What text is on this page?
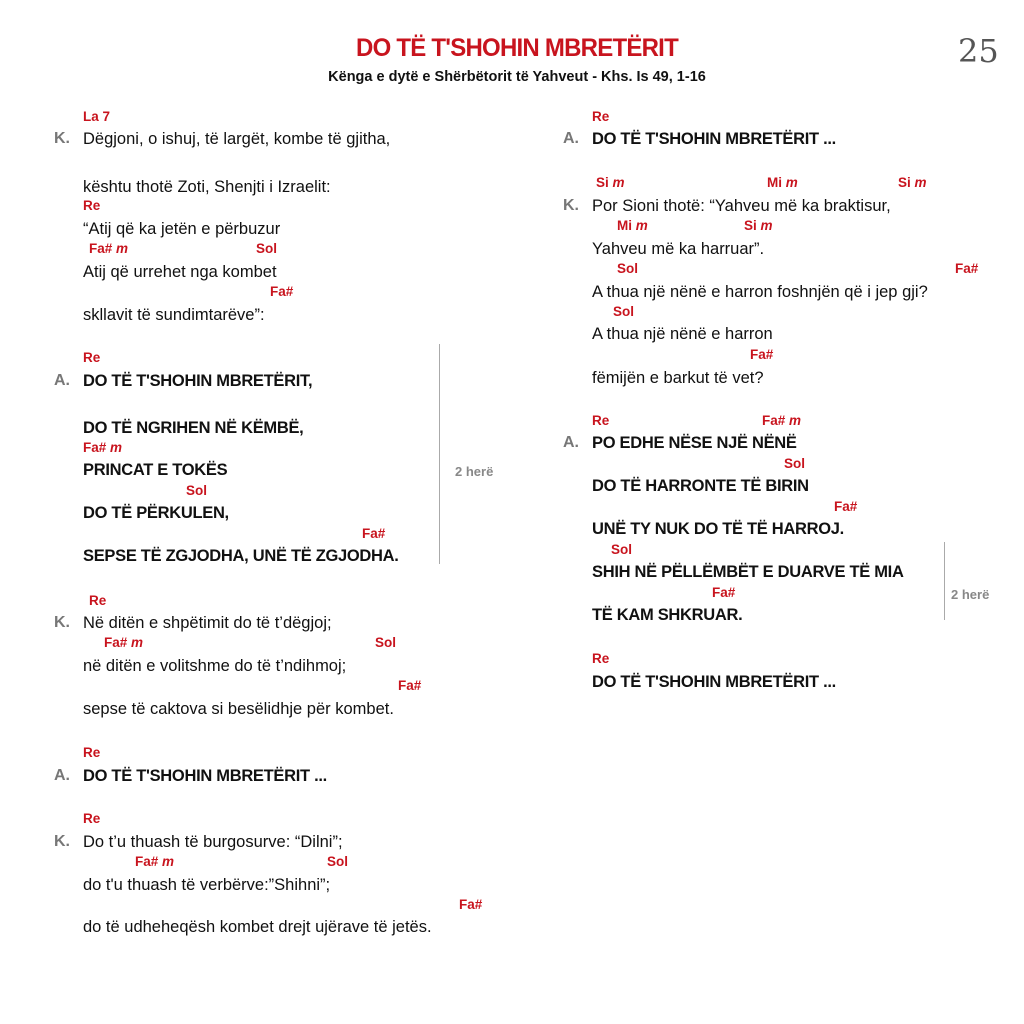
DO TË T'SHOHIN MBRETËRIT
Kënga e dytë e Shërbëtorit të Yahveut - Khs. Is 49, 1-16
25
La 7
K. Dëgjoni, o ishuj, të largët, kombe të gjitha,
kështu thotë Zoti, Shenjti i Izraelit:
Re
“Atij që ka jetën e përbuzur
Fa# m	Sol
Atij që urrehet nga kombet
Fa#
skllavit të sundimtarëve”:
Re
A. DO TË T'SHOHIN MBRETËRIT,
DO TË NGRIHEN NË KËMBË,
Fa# m
PRINCAT E TOKËS
Sol
DO TË PËRKULEN,
Fa#
SEPSE TË ZGJODHA, UNË TË ZGJODHA.
2 herë
Re
K. Në ditën e shpëtimit do të t’dëgjoj;
Fa# m	Sol
në ditën e volitshme do të t’ndihmoj;
Fa#
sepse të caktova si besëlidhje për kombet.
Re
A. DO TË T'SHOHIN MBRETËRIT ...
Re
K. Do t’u thuash të burgosurve: “Dilni”;
Fa# m	Sol
do t'u thuash të verbërve:”Shihni”;
Fa#
do të udheheqësh kombet drejt ujërave të jetës.
Re
A. DO TË T'SHOHIN MBRETËRIT ...
Si m	Mi m	Si m
K. Por Sioni thotë: “Yahveu më ka braktisur,
Mi m	Si m
Yahveu më ka harruar”.
Sol	Fa#
A thua një nënë e harron foshnjën që i jep gji?
Sol
A thua një nënë e harron
Fa#
fëmijën e barkut të vet?
Re	Fa# m
A. PO EDHE NËSE NJË NËNË
Sol
DO TË HARRONTE TË BIRIN
Fa#
UNË TY NUK DO TË TË HARROJ.
Sol
SHIH NË PËLLËMBËT E DUARVE TË MIA
Fa#
TË KAM SHKRUAR.
2 herë
Re
DO TË T'SHOHIN MBRETËRIT ...
